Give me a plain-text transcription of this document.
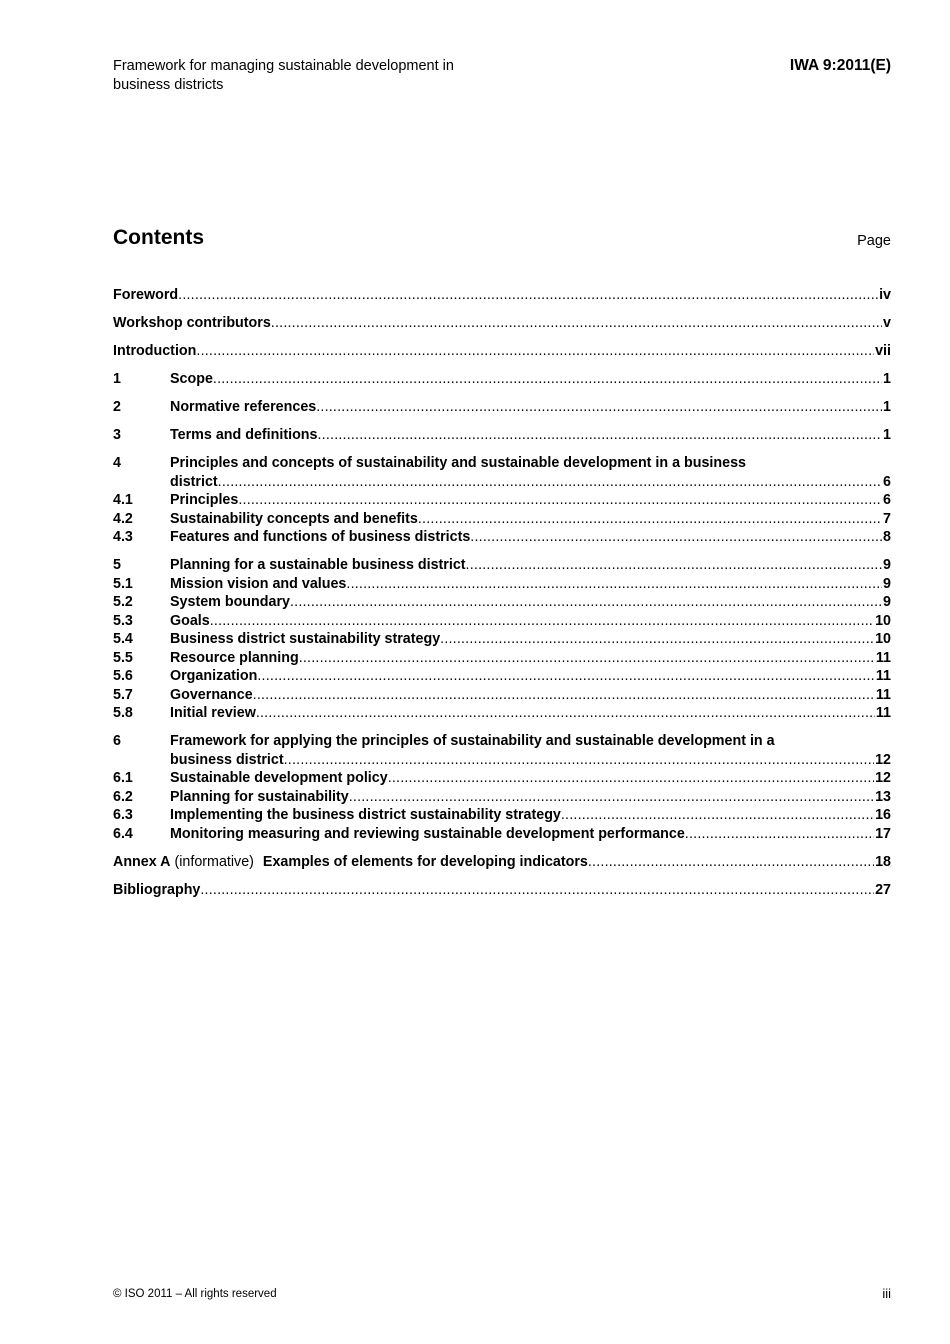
Framework for managing sustainable development in
business districts
IWA 9:2011(E)
Contents	Page
Foreword .....	iv
Workshop contributors .....	v
Introduction .....	vii
1	Scope .....	1
2	Normative references .....	1
3	Terms and definitions .....	1
4	Principles and concepts of sustainability and sustainable development in a business
district .....	6
4.1	Principles .....	6
4.2	Sustainability concepts and benefits .....	7
4.3	Features and functions of business districts .....	8
5	Planning for a sustainable business district .....	9
5.1	Mission vision and values .....	9
5.2	System boundary .....	9
5.3	Goals .....	10
5.4	Business district sustainability strategy .....	10
5.5	Resource planning .....	11
5.6	Organization .....	11
5.7	Governance .....	11
5.8	Initial review .....	11
6	Framework for applying the principles of sustainability and sustainable development in a
business district .....	12
6.1	Sustainable development policy .....	12
6.2	Planning for sustainability .....	13
6.3	Implementing the business district sustainability strategy .....	16
6.4	Monitoring measuring and reviewing sustainable development performance .....	17
Annex A (informative) Examples of elements for developing indicators .....	18
Bibliography .....	27
© ISO 2011 – All rights reserved	iii
